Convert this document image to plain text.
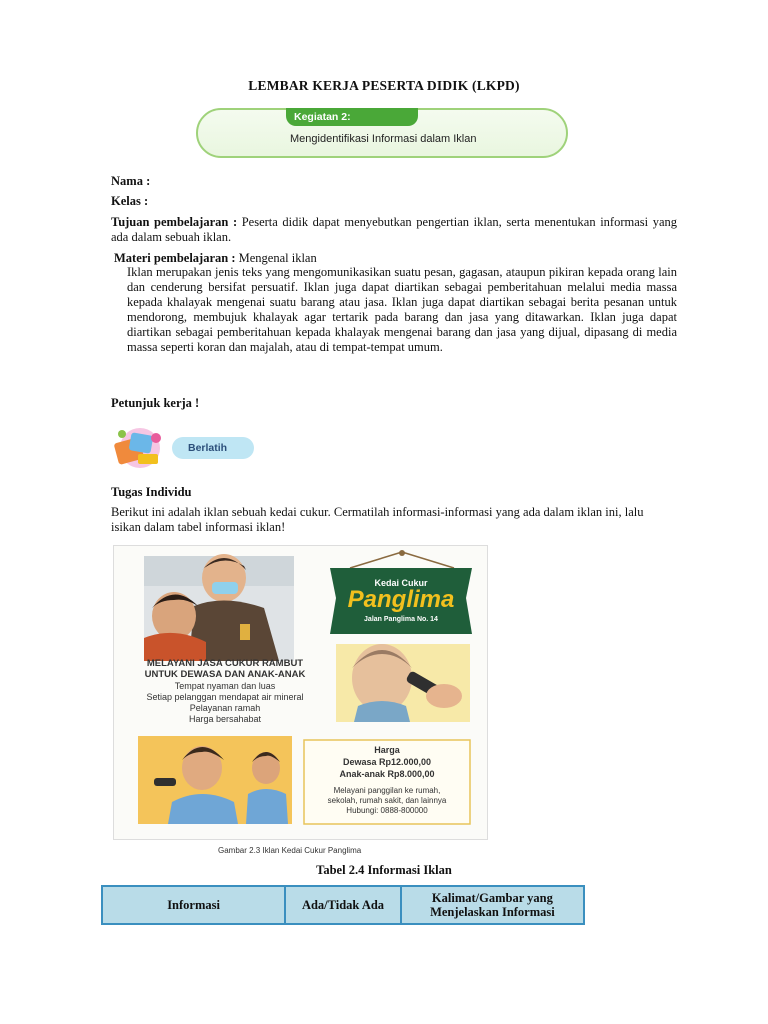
LEMBAR KERJA PESERTA DIDIK (LKPD)
Kegiatan 2:
Mengidentifikasi Informasi dalam Iklan
Nama :
Kelas :
Tujuan pembelajaran : Peserta didik dapat menyebutkan pengertian iklan, serta menentukan informasi yang ada dalam sebuah iklan.
Materi pembelajaran : Mengenal iklan
Iklan merupakan jenis teks yang mengomunikasikan suatu pesan, gagasan, ataupun pikiran kepada orang lain dan cenderung bersifat persuatif. Iklan juga dapat diartikan sebagai pemberitahuan melalui media massa kepada khalayak mengenai suatu barang atau jasa. Iklan juga dapat diartikan sebagai berita pesanan untuk mendorong, membujuk khalayak agar tertarik pada barang dan jasa yang ditawarkan. Iklan juga dapat diartikan sebagai pemberitahuan kepada khalayak mengenai barang dan jasa yang dijual, dipasang di media massa seperti koran dan majalah, atau di tempat-tempat umum.
Petunjuk kerja !
Berlatih
Tugas Individu
Berikut ini adalah iklan sebuah kedai cukur. Cermatilah informasi-informasi yang ada dalam iklan ini, lalu isikan dalam tabel informasi iklan!
Kedai Cukur
Panglima
Jalan Panglima No. 14
MELAYANI JASA CUKUR RAMBUT
UNTUK DEWASA DAN ANAK-ANAK
Tempat nyaman dan luas
Setiap pelanggan mendapat air mineral
Pelayanan ramah
Harga bersahabat
Harga
Dewasa Rp12.000,00
Anak-anak Rp8.000,00
Melayani panggilan ke rumah,
sekolah, rumah sakit, dan lainnya
Hubungi: 0888-800000
Gambar 2.3 Iklan Kedai Cukur Panglima
Tabel 2.4 Informasi Iklan
Informasi	Ada/Tidak Ada	Kalimat/Gambar yang Menjelaskan Informasi
